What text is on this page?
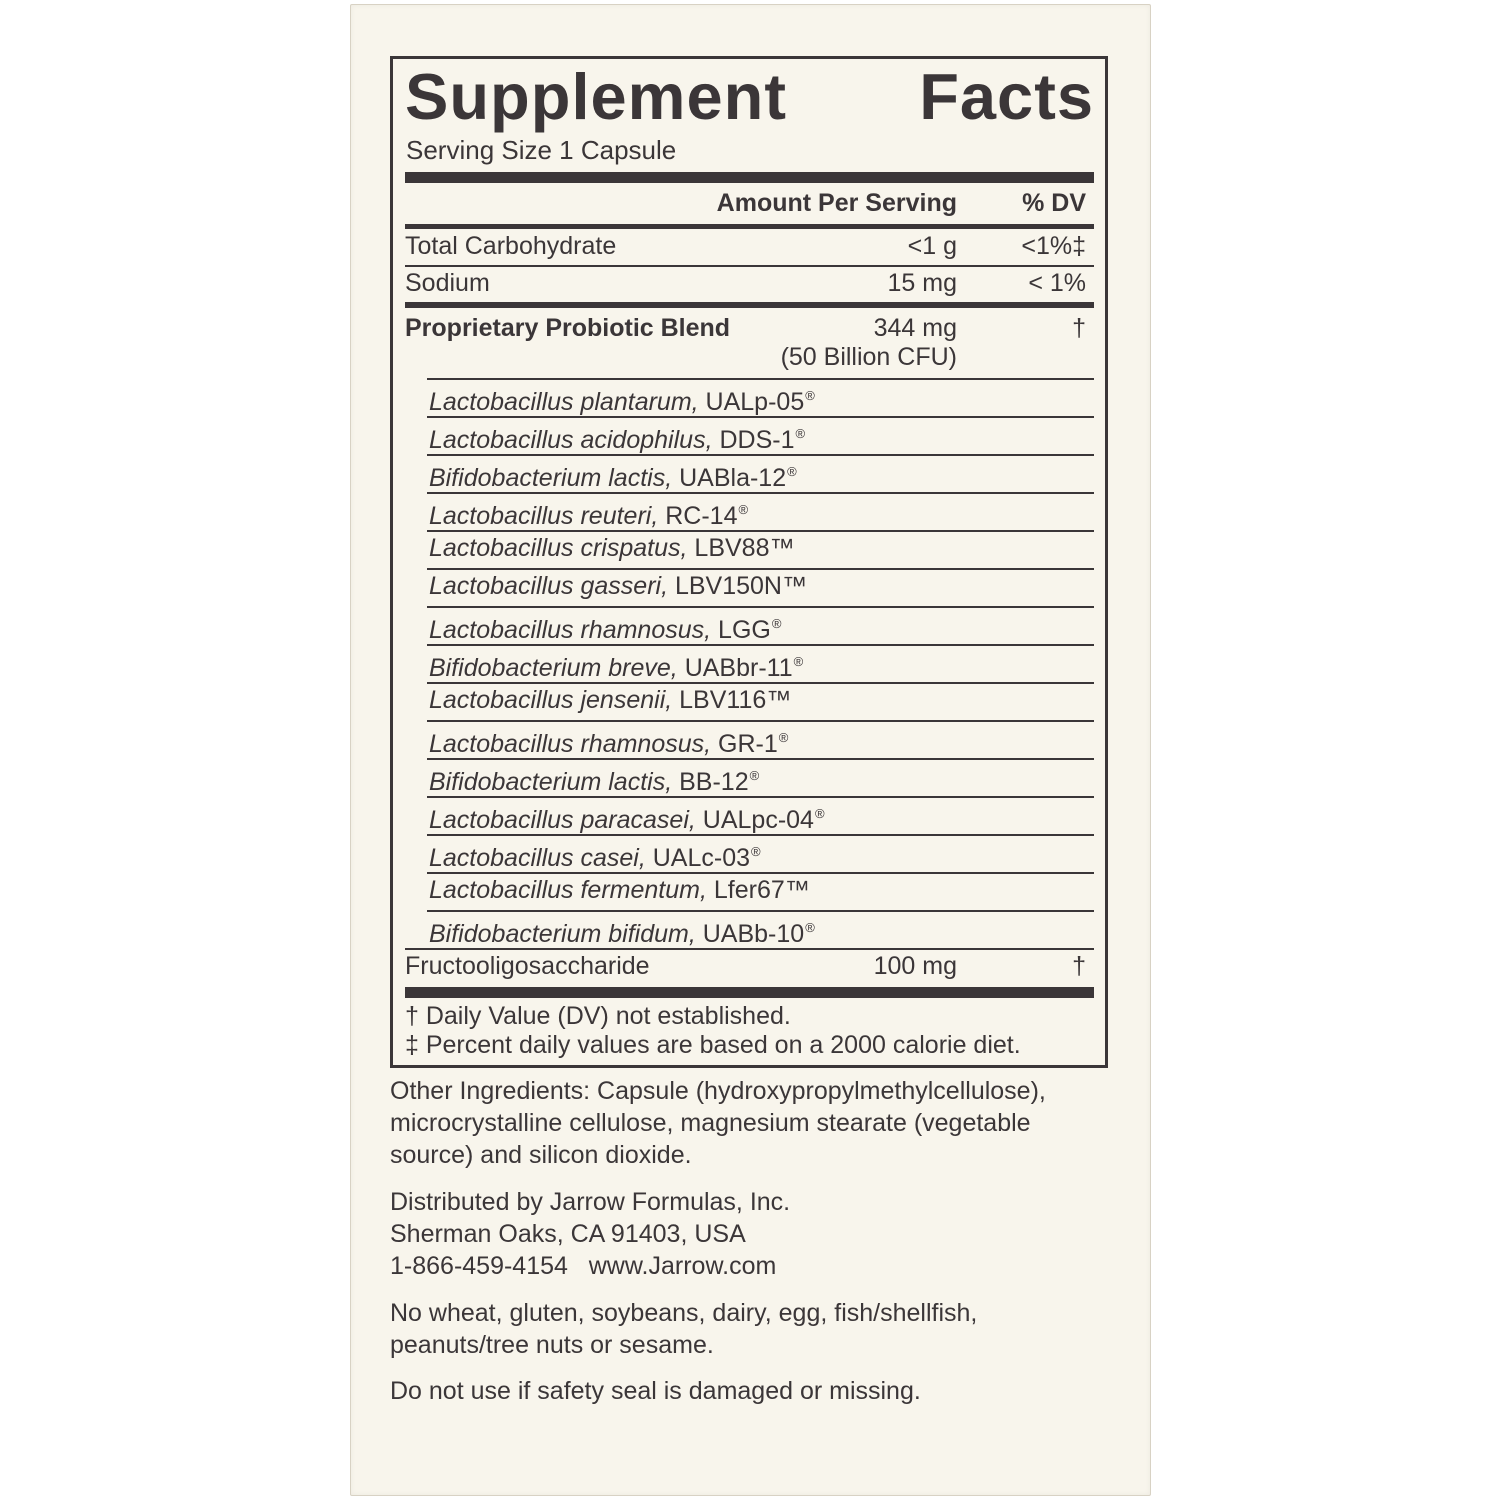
Supplement Facts
Serving Size 1 Capsule
Amount Per Serving	% DV
Total Carbohydrate	<1 g	<1%‡
Sodium	15 mg	< 1%
Proprietary Probiotic Blend	344 mg	†
(50 Billion CFU)
Lactobacillus plantarum, UALp-05®
Lactobacillus acidophilus, DDS-1®
Bifidobacterium lactis, UABla-12®
Lactobacillus reuteri, RC-14®
Lactobacillus crispatus, LBV88™
Lactobacillus gasseri, LBV150N™
Lactobacillus rhamnosus, LGG®
Bifidobacterium breve, UABbr-11®
Lactobacillus jensenii, LBV116™
Lactobacillus rhamnosus, GR-1®
Bifidobacterium lactis, BB-12®
Lactobacillus paracasei, UALpc-04®
Lactobacillus casei, UALc-03®
Lactobacillus fermentum, Lfer67™
Bifidobacterium bifidum, UABb-10®
Fructooligosaccharide	100 mg	†
† Daily Value (DV) not established.
‡ Percent daily values are based on a 2000 calorie diet.
Other Ingredients: Capsule (hydroxypropylmethylcellulose),
microcrystalline cellulose, magnesium stearate (vegetable
source) and silicon dioxide.
Distributed by Jarrow Formulas, Inc.
Sherman Oaks, CA 91403, USA
1-866-459-4154   www.Jarrow.com
No wheat, gluten, soybeans, dairy, egg, fish/shellfish,
peanuts/tree nuts or sesame.
Do not use if safety seal is damaged or missing.
